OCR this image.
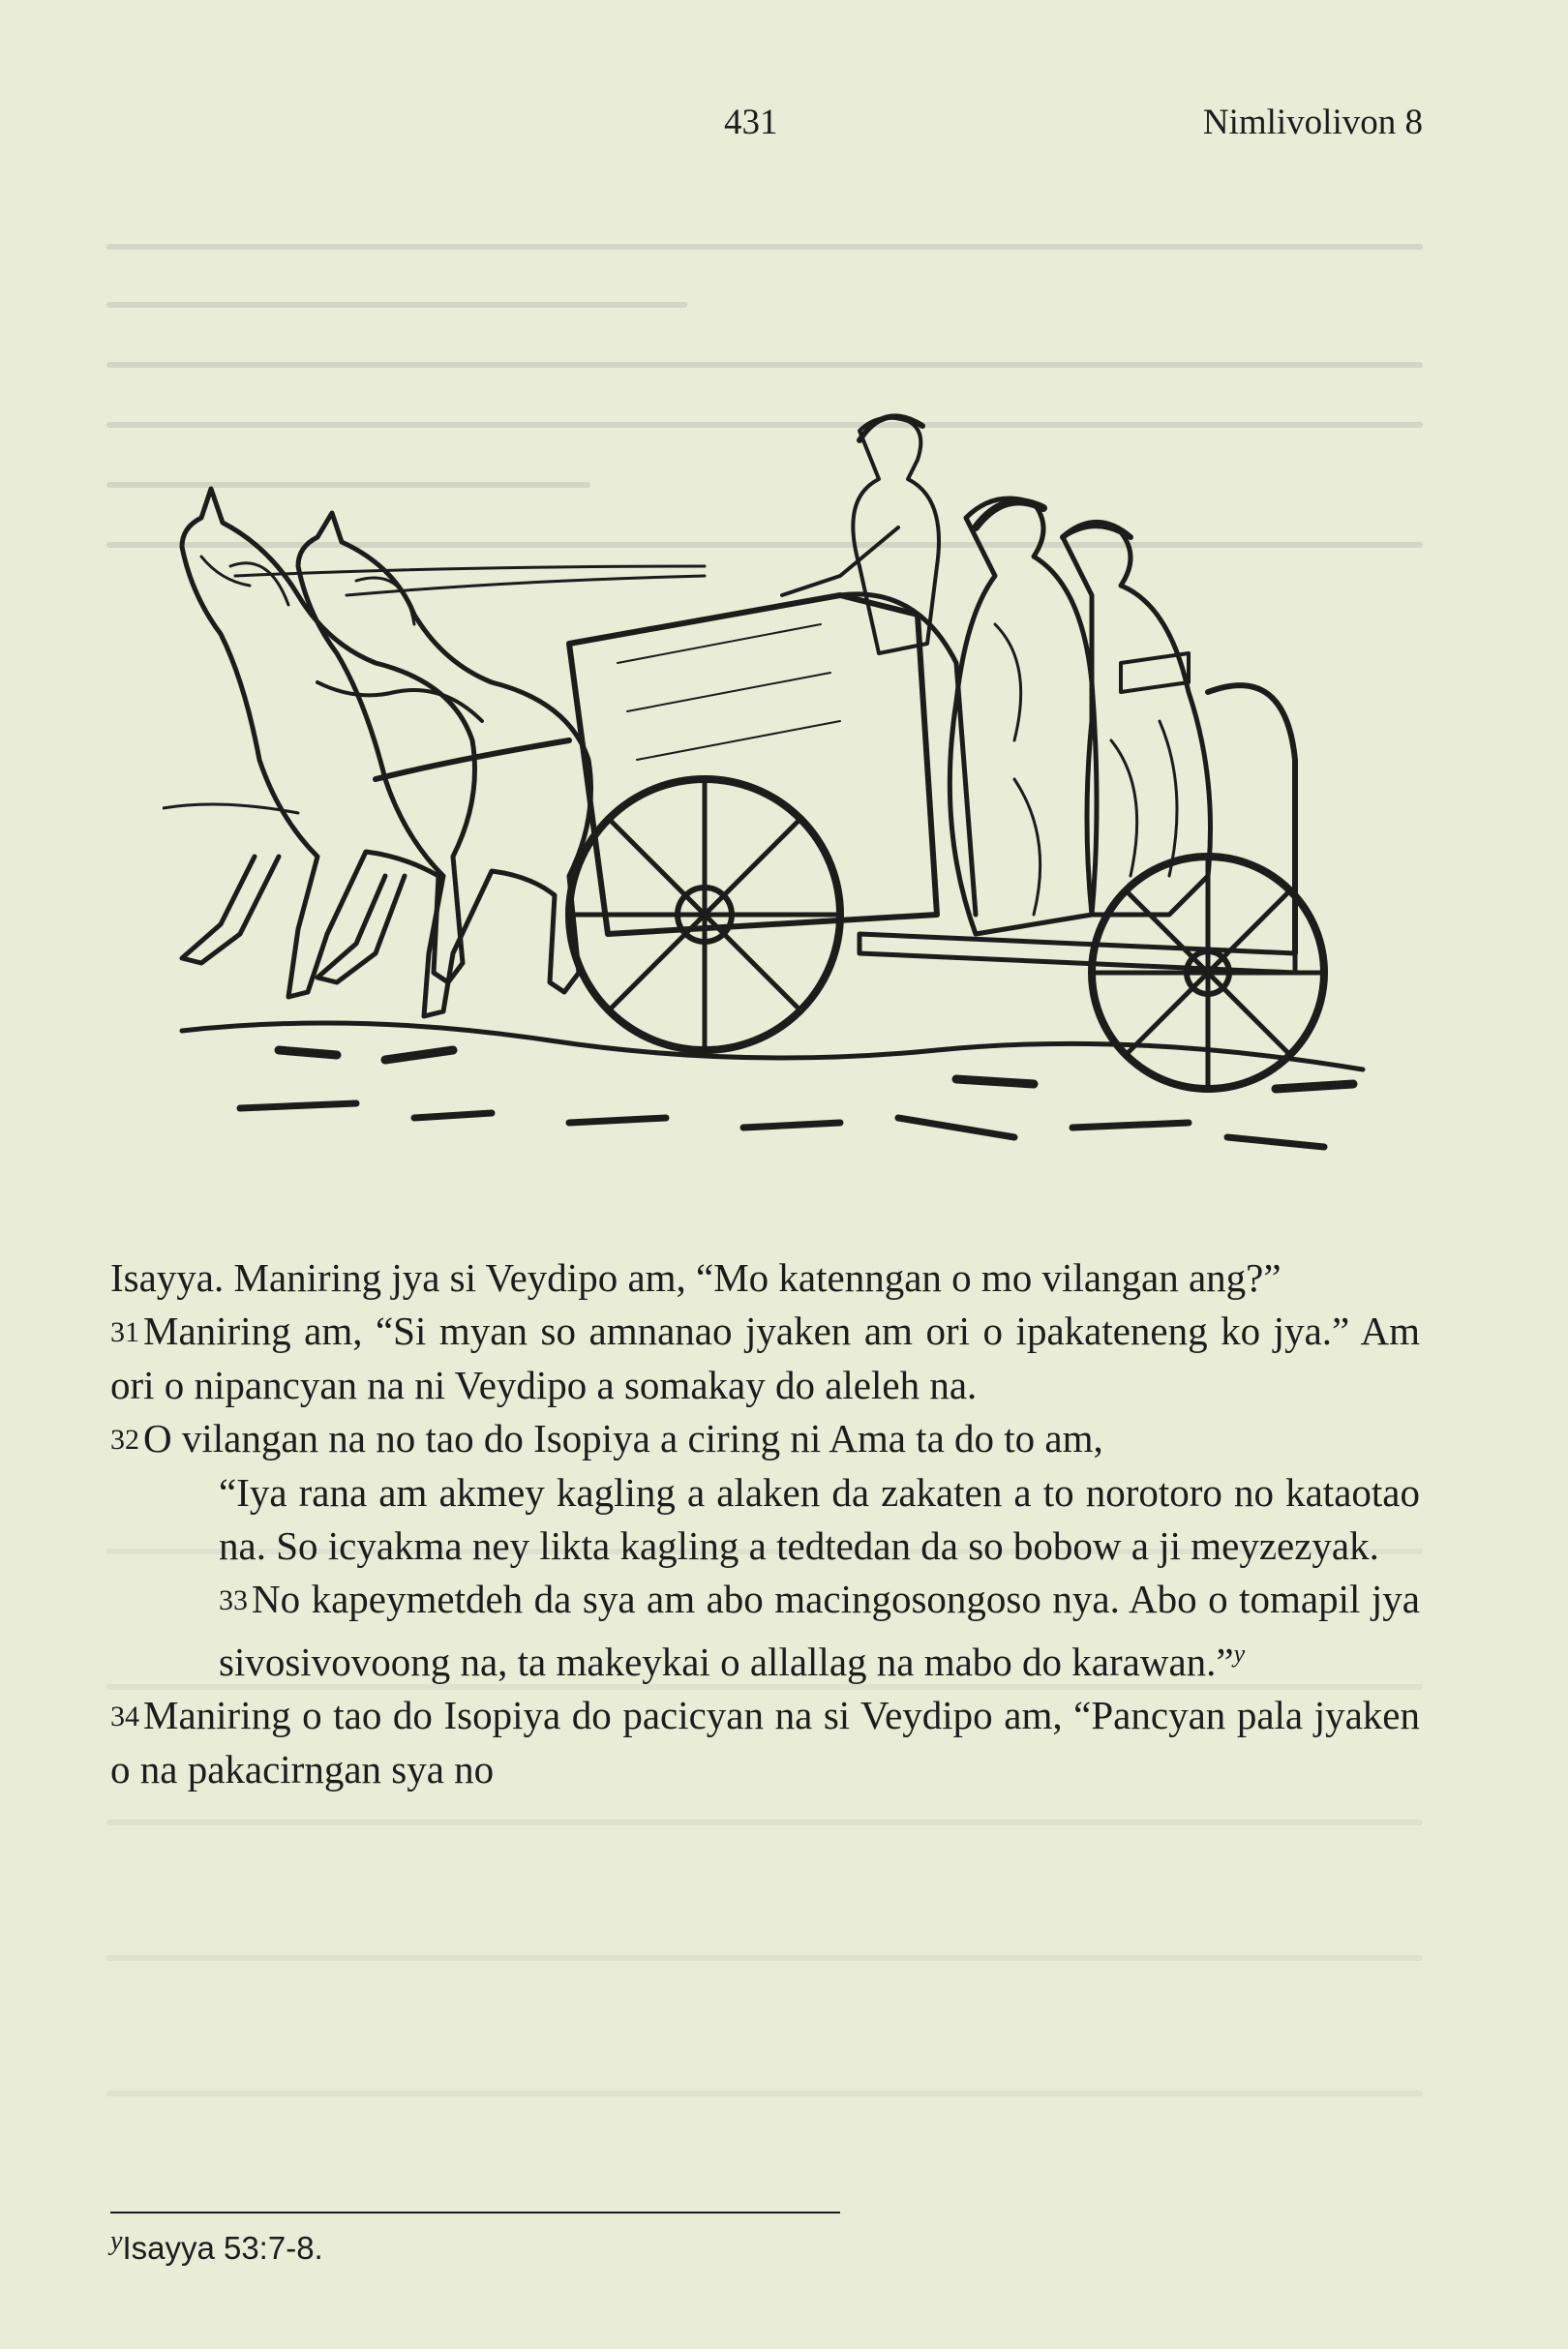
431	Nimlivolivon 8

Isayya. Maniring jya si Veydipo am, “Mo katenngan o mo vilangan ang?”

31Maniring am, “Si myan so amnanao jyaken am ori o ipakateneng ko jya.” Am ori o nipancyan na ni Veydipo a somakay do aleleh na.

32O vilangan na no tao do Isopiya a ciring ni Ama ta do to am,

“Iya rana am akmey kagling a alaken da zakaten a to norotoro no kataotao na. So icyakma ney likta kagling a tedtedan da so bobow a ji meyzezyak.

33No kapeymetdeh da sya am abo macingosongoso nya. Abo o tomapil jya sivosivovoong na, ta makeykai o allallag na mabo do karawan.”$^y$

34Maniring o tao do Isopiya do pacicyan na si Veydipo am, “Pancyan pala jyaken o na pakacirngan sya no

$^y$Isayya 53:7-8.
